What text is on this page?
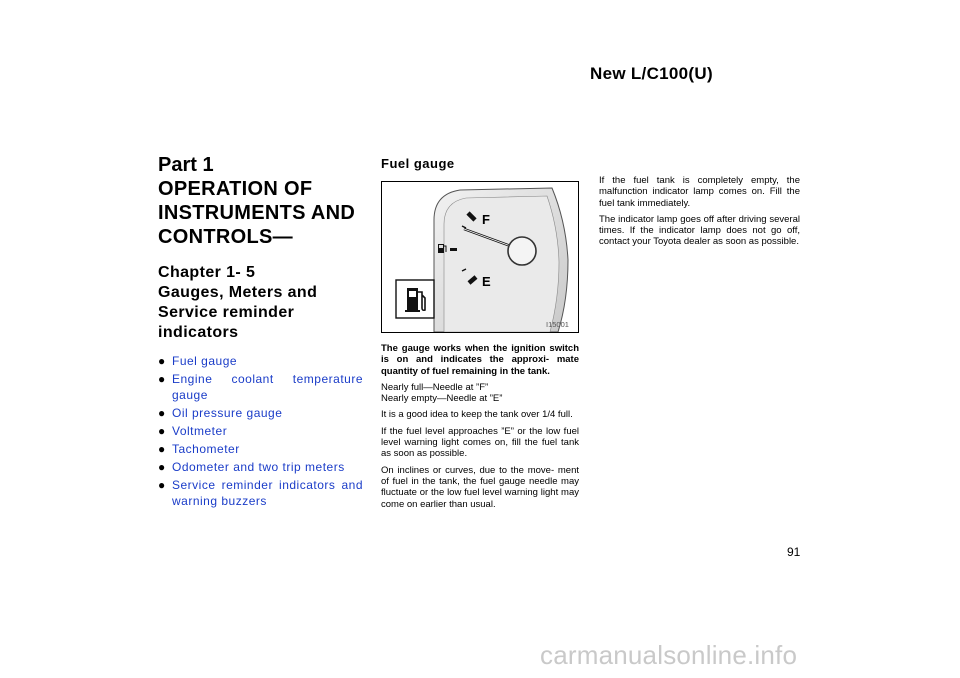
New L/C100(U)
Part 1
OPERATION OF INSTRUMENTS AND CONTROLS—
Chapter 1- 5
Gauges, Meters and Service reminder indicators
● Fuel gauge
● Engine coolant temperature gauge
● Oil pressure gauge
● Voltmeter
● Tachometer
● Odometer and two trip meters
● Service reminder indicators and warning buzzers
Fuel gauge
F
E
I15001

The gauge works when the ignition switch is on and indicates the approxi- mate quantity of fuel remaining in the tank.

Nearly full—Needle at ”F”

Nearly empty—Needle at ”E”

It is a good idea to keep the tank over 1/4 full.

If the fuel level approaches ”E” or the low fuel level warning light comes on, fill the fuel tank as soon as possible.

On inclines or curves, due to the move- ment of fuel in the tank, the fuel gauge needle may fluctuate or the low fuel level warning light may come on earlier than usual.

If the fuel tank is completely empty, the malfunction indicator lamp comes on. Fill the fuel tank immediately.

The indicator lamp goes off after driving several times. If the indicator lamp does not go off, contact your Toyota dealer as soon as possible.

91
carmanualsonline.info
